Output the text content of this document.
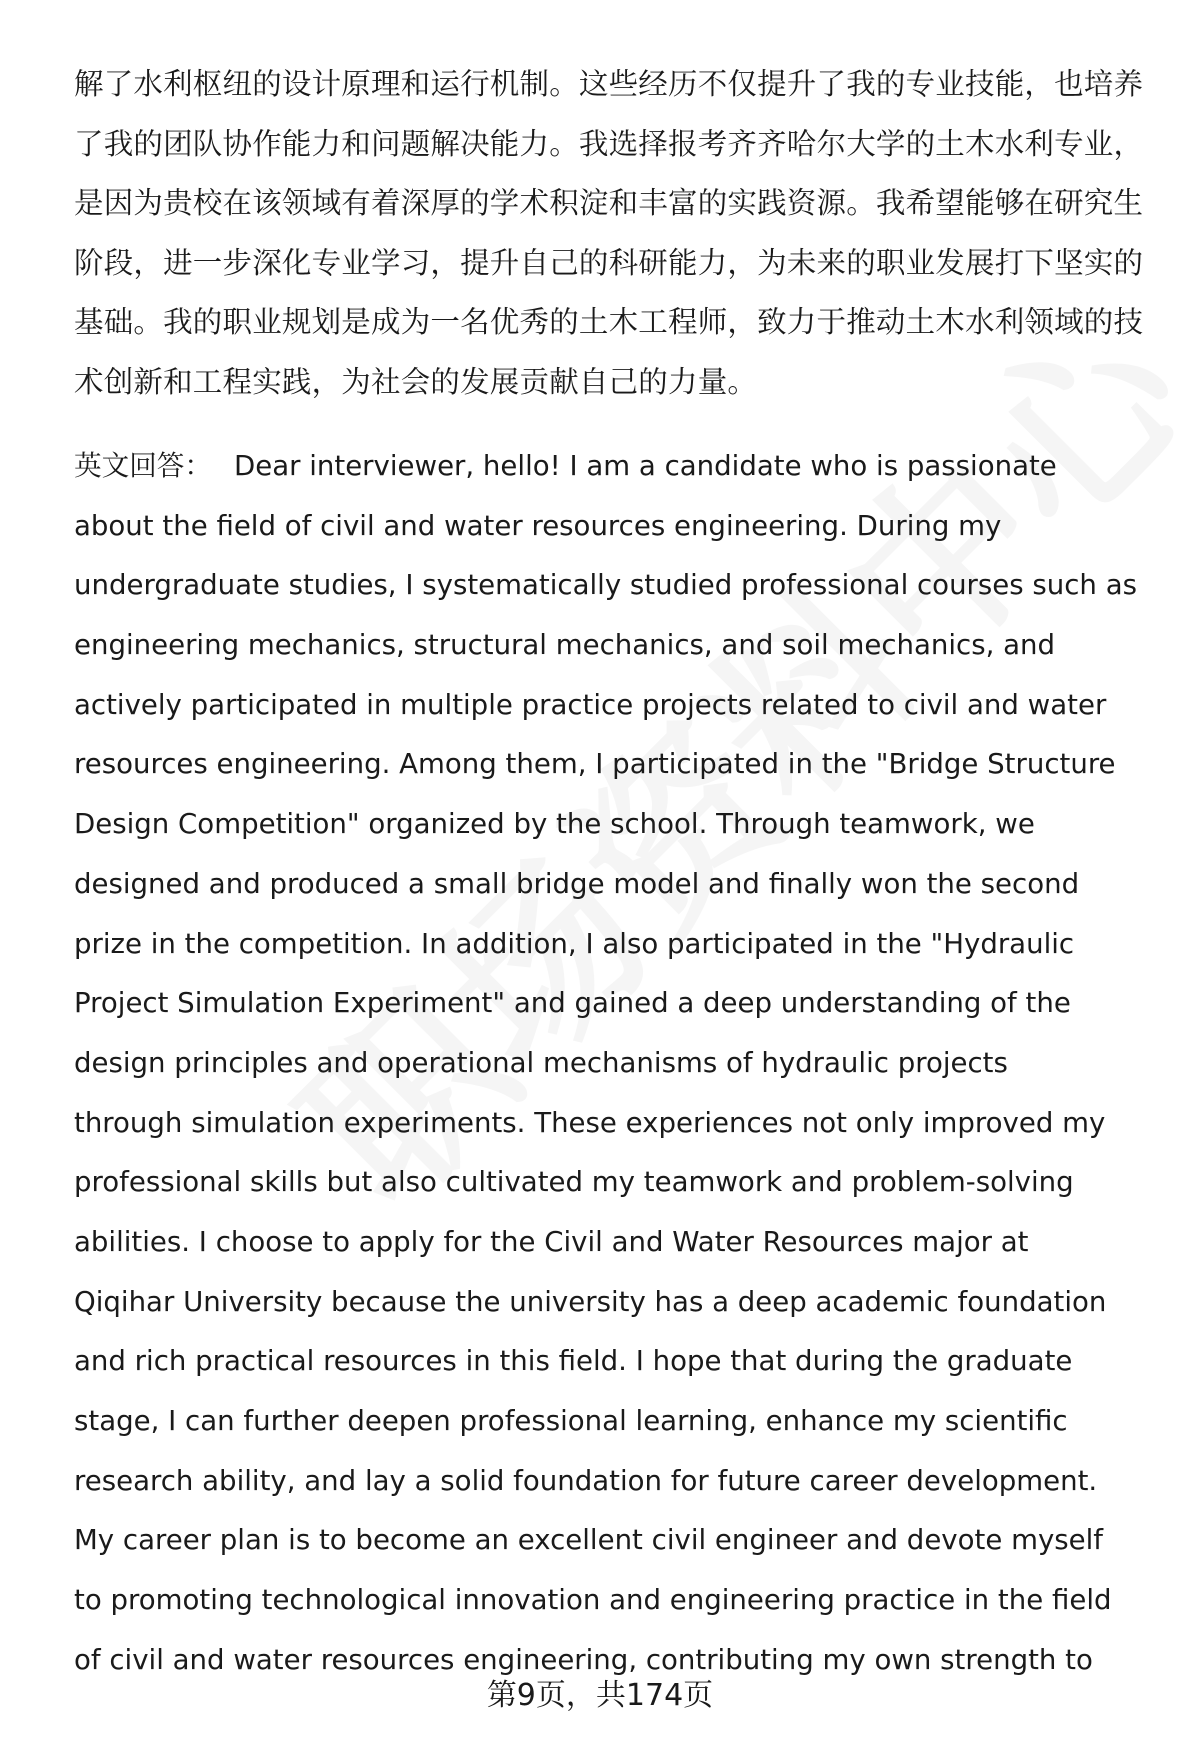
解了水利枢纽的设计原理和运行机制。这些经历不仅提升了我的专业技能，也培养
了我的团队协作能力和问题解决能力。我选择报考齐齐哈尔大学的土木水利专业，
是因为贵校在该领域有着深厚的学术积淀和丰富的实践资源。我希望能够在研究生
阶段，进一步深化专业学习，提升自己的科研能力，为未来的职业发展打下坚实的
基础。我的职业规划是成为一名优秀的土木工程师，致力于推动土木水利领域的技
术创新和工程实践，为社会的发展贡献自己的力量。
英文回答： Dear interviewer, hello! I am a candidate who is passionate
about the field of civil and water resources engineering. During my
undergraduate studies, I systematically studied professional courses such as
engineering mechanics, structural mechanics, and soil mechanics, and
actively participated in multiple practice projects related to civil and water
resources engineering. Among them, I participated in the "Bridge Structure
Design Competition" organized by the school. Through teamwork, we
designed and produced a small bridge model and finally won the second
prize in the competition. In addition, I also participated in the "Hydraulic
Project Simulation Experiment" and gained a deep understanding of the
design principles and operational mechanisms of hydraulic projects
through simulation experiments. These experiences not only improved my
professional skills but also cultivated my teamwork and problem-solving
abilities. I choose to apply for the Civil and Water Resources major at
Qiqihar University because the university has a deep academic foundation
and rich practical resources in this field. I hope that during the graduate
stage, I can further deepen professional learning, enhance my scientific
research ability, and lay a solid foundation for future career development.
My career plan is to become an excellent civil engineer and devote myself
to promoting technological innovation and engineering practice in the field
of civil and water resources engineering, contributing my own strength to
第9页，共174页
